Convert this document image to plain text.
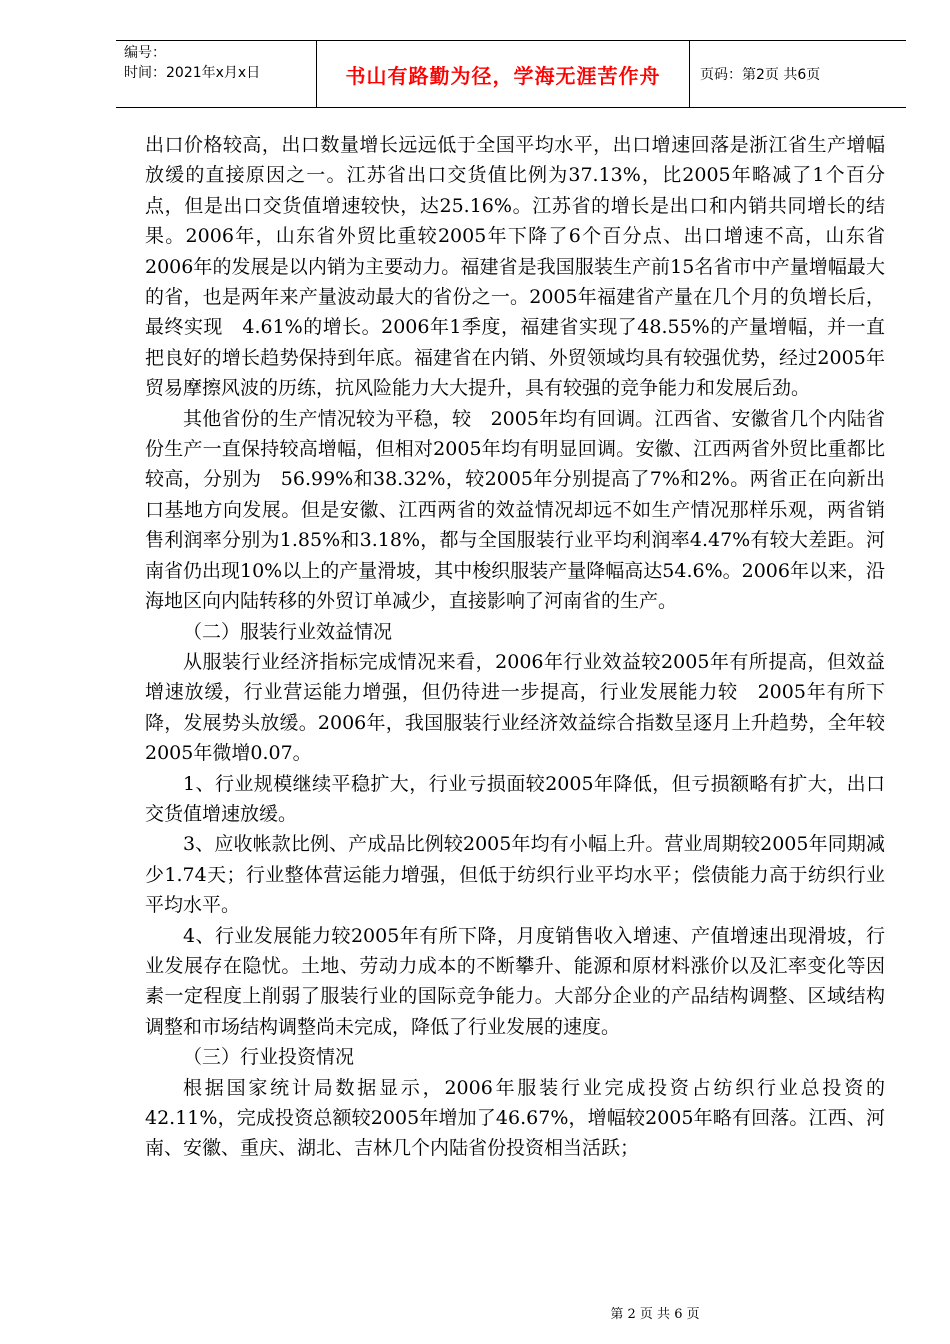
编号：
时间：2021年x月x日	书山有路勤为径，学海无涯苦作舟	页码：第2页 共6页

出口价格较高，出口数量增长远远低于全国平均水平，出口增速回落是浙江省生产增幅放缓的直接原因之一。江苏省出口交货值比例为37.13%，比2005年略减了1个百分点，但是出口交货值增速较快，达25.16%。江苏省的增长是出口和内销共同增长的结果。2006年，山东省外贸比重较2005年下降了6个百分点、出口增速不高，山东省2006年的发展是以内销为主要动力。福建省是我国服装生产前15名省市中产量增幅最大的省，也是两年来产量波动最大的省份之一。2005年福建省产量在几个月的负增长后，最终实现　4.61%的增长。2006年1季度，福建省实现了48.55%的产量增幅，并一直把良好的增长趋势保持到年底。福建省在内销、外贸领域均具有较强优势，经过2005年贸易摩擦风波的历练，抗风险能力大大提升，具有较强的竞争能力和发展后劲。

其他省份的生产情况较为平稳，较　2005年均有回调。江西省、安徽省几个内陆省份生产一直保持较高增幅，但相对2005年均有明显回调。安徽、江西两省外贸比重都比较高，分别为　56.99%和38.32%，较2005年分别提高了7%和2%。两省正在向新出口基地方向发展。但是安徽、江西两省的效益情况却远不如生产情况那样乐观，两省销售利润率分别为1.85%和3.18%，都与全国服装行业平均利润率4.47%有较大差距。河南省仍出现10%以上的产量滑坡，其中梭织服装产量降幅高达54.6%。2006年以来，沿海地区向内陆转移的外贸订单减少，直接影响了河南省的生产。

（二）服装行业效益情况

从服装行业经济指标完成情况来看，2006年行业效益较2005年有所提高，但效益增速放缓，行业营运能力增强，但仍待进一步提高，行业发展能力较　2005年有所下降，发展势头放缓。2006年，我国服装行业经济效益综合指数呈逐月上升趋势，全年较2005年微增0.07。

1、行业规模继续平稳扩大，行业亏损面较2005年降低，但亏损额略有扩大，出口交货值增速放缓。

3、应收帐款比例、产成品比例较2005年均有小幅上升。营业周期较2005年同期减少1.74天；行业整体营运能力增强，但低于纺织行业平均水平；偿债能力高于纺织行业平均水平。

4、行业发展能力较2005年有所下降，月度销售收入增速、产值增速出现滑坡，行业发展存在隐忧。土地、劳动力成本的不断攀升、能源和原材料涨价以及汇率变化等因素一定程度上削弱了服装行业的国际竞争能力。大部分企业的产品结构调整、区域结构调整和市场结构调整尚未完成，降低了行业发展的速度。

（三）行业投资情况

根据国家统计局数据显示，2006年服装行业完成投资占纺织行业总投资的42.11%，完成投资总额较2005年增加了46.67%，增幅较2005年略有回落。江西、河南、安徽、重庆、湖北、吉林几个内陆省份投资相当活跃；

第 2 页 共 6 页
